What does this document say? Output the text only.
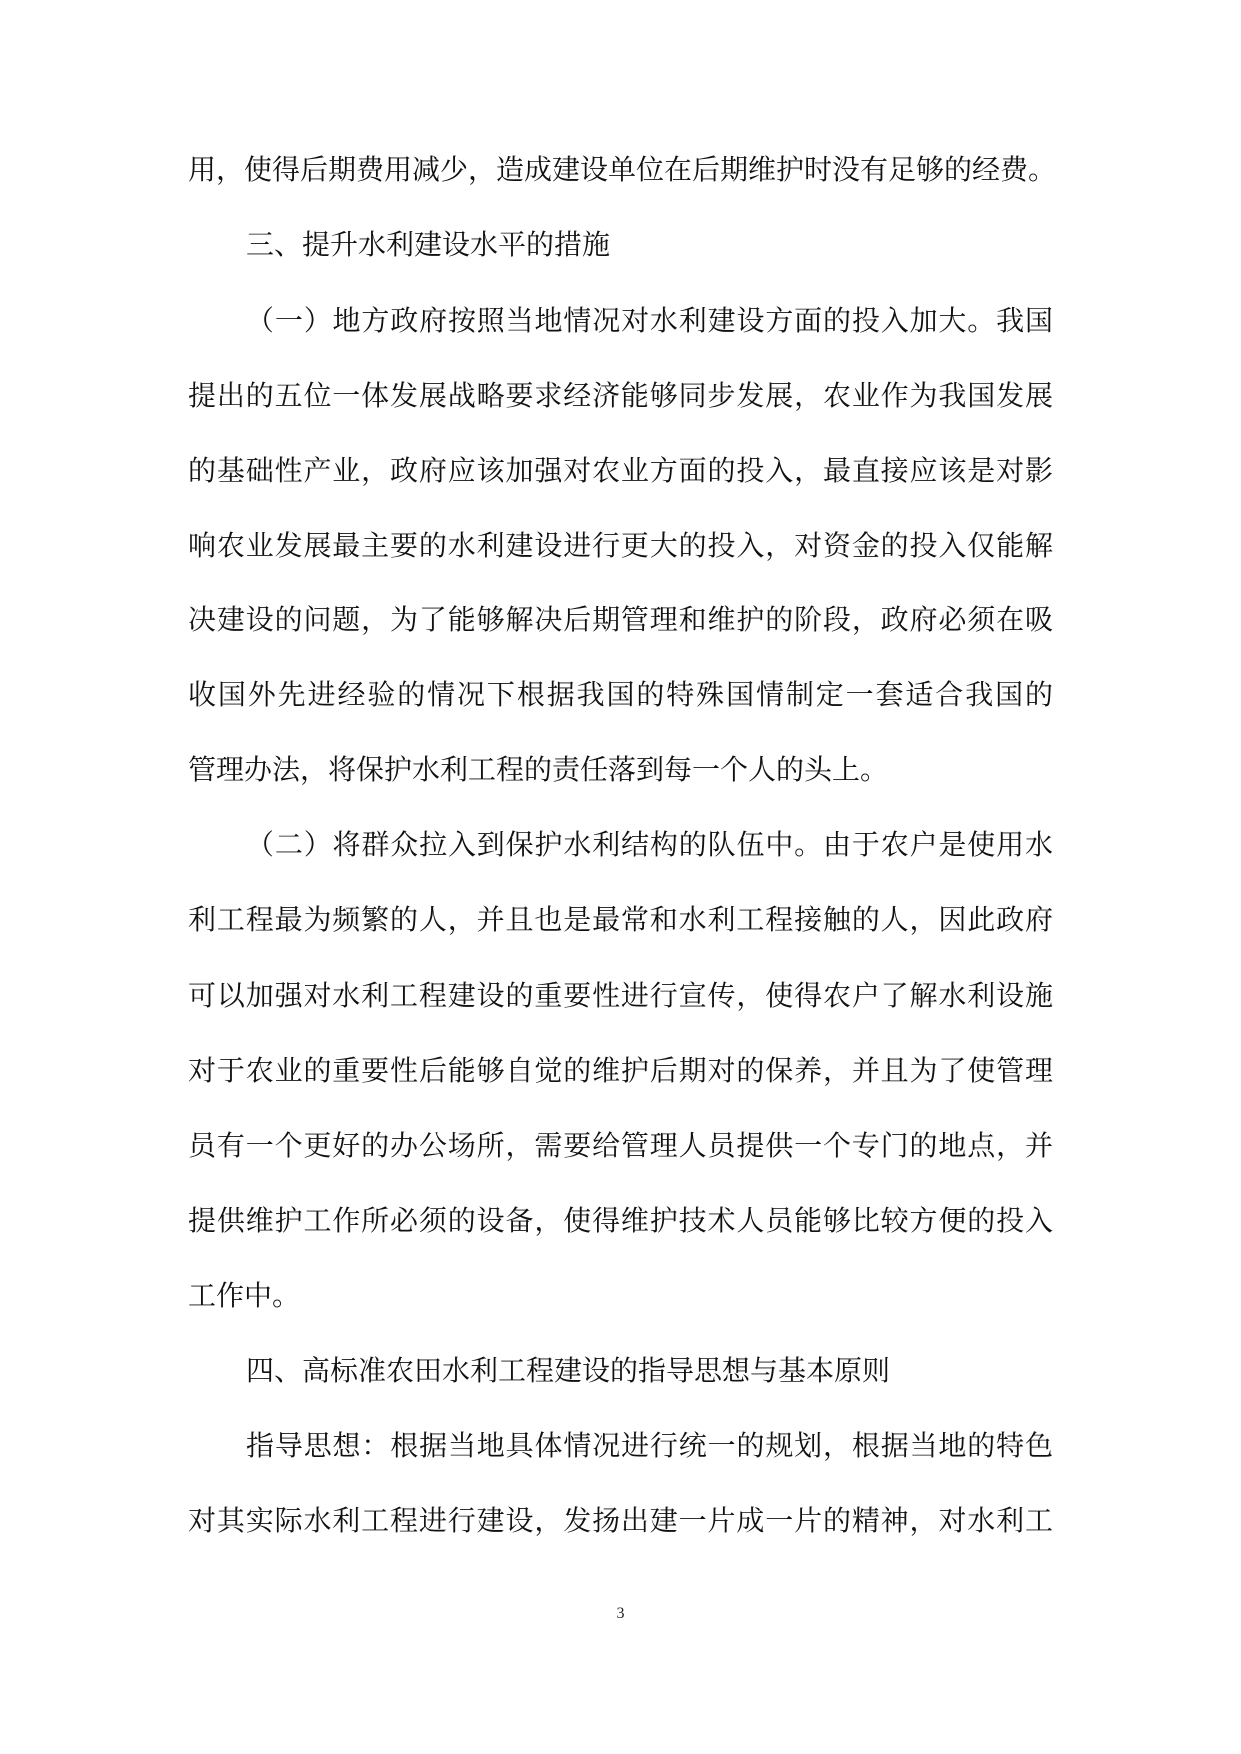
用，使得后期费用减少，造成建设单位在后期维护时没有足够的经费。
三、提升水利建设水平的措施
（一）地方政府按照当地情况对水利建设方面的投入加大。我国
提出的五位一体发展战略要求经济能够同步发展，农业作为我国发展
的基础性产业，政府应该加强对农业方面的投入，最直接应该是对影
响农业发展最主要的水利建设进行更大的投入，对资金的投入仅能解
决建设的问题，为了能够解决后期管理和维护的阶段，政府必须在吸
收国外先进经验的情况下根据我国的特殊国情制定一套适合我国的
管理办法，将保护水利工程的责任落到每一个人的头上。
（二）将群众拉入到保护水利结构的队伍中。由于农户是使用水
利工程最为频繁的人，并且也是最常和水利工程接触的人，因此政府
可以加强对水利工程建设的重要性进行宣传，使得农户了解水利设施
对于农业的重要性后能够自觉的维护后期对的保养，并且为了使管理
员有一个更好的办公场所，需要给管理人员提供一个专门的地点，并
提供维护工作所必须的设备，使得维护技术人员能够比较方便的投入
工作中。
四、高标准农田水利工程建设的指导思想与基本原则
指导思想：根据当地具体情况进行统一的规划，根据当地的特色
对其实际水利工程进行建设，发扬出建一片成一片的精神，对水利工
3
